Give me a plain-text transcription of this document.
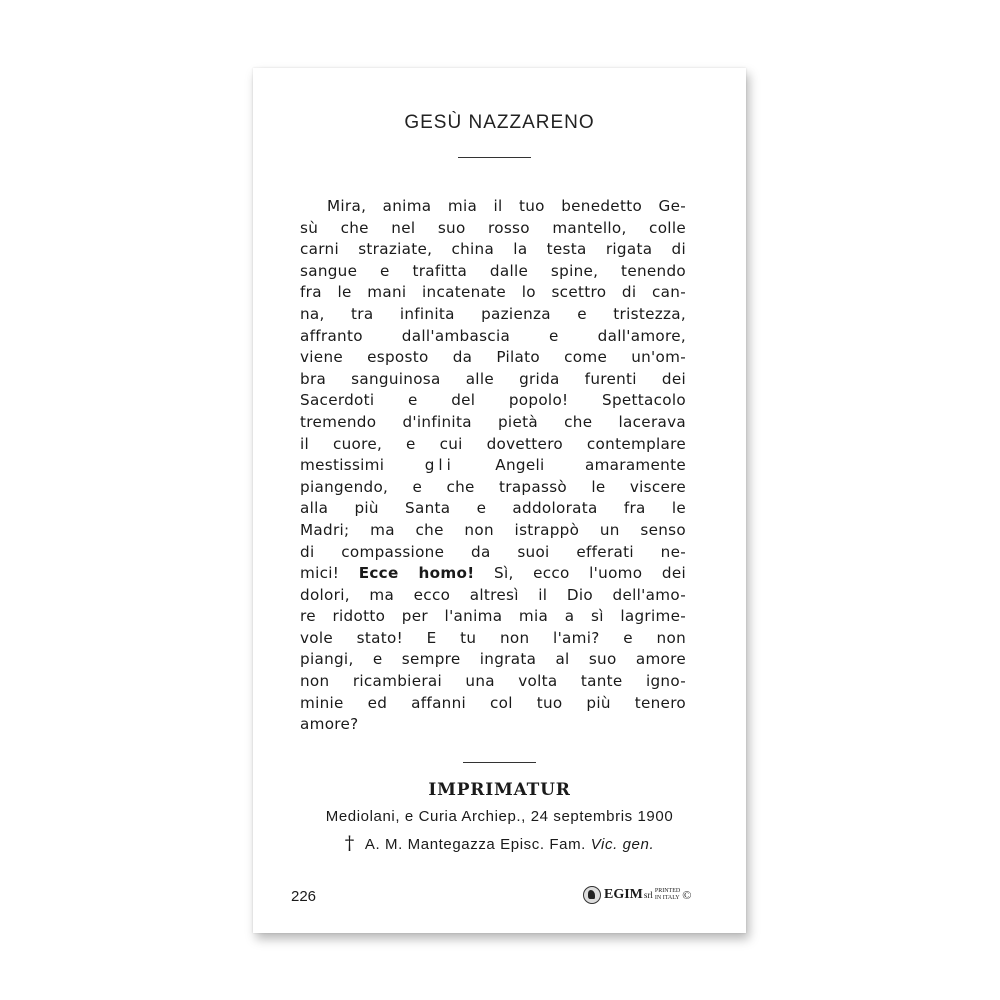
GESÙ NAZZARENO
Mira, anima mia il tuo benedetto Ge-
sù che nel suo rosso mantello, colle
carni straziate, china la testa rigata di
sangue e trafitta dalle spine, tenendo
fra le mani incatenate lo scettro di can-
na, tra infinita pazienza e tristezza,
affranto dall'ambascia e dall'amore,
viene esposto da Pilato come un'om-
bra sanguinosa alle grida furenti dei
Sacerdoti e del popolo! Spettacolo
tremendo d'infinita pietà che lacerava
il cuore, e cui dovettero contemplare
mestissimi	gli	Angeli amaramente
piangendo, e che trapassò le viscere
alla più Santa e addolorata fra le
Madri; ma che non istrappò un senso
di compassione da suoi efferati ne-
mici! Ecce homo! Sì, ecco l'uomo dei
dolori, ma ecco altresì il Dio dell'amo-
re ridotto per l'anima mia a sì lagrime-
vole stato! E tu non l'ami? e non
piangi, e sempre ingrata al suo amore
non ricambierai una volta tante igno-
minie ed affanni col tuo più tenero
amore?
IMPRIMATUR
Mediolani, e Curia Archiep., 24 septembris 1900
† A. M. Mantegazza Episc. Fam. Vic. gen.
226	EGIM srl PRINTED
IN ITALY ©
